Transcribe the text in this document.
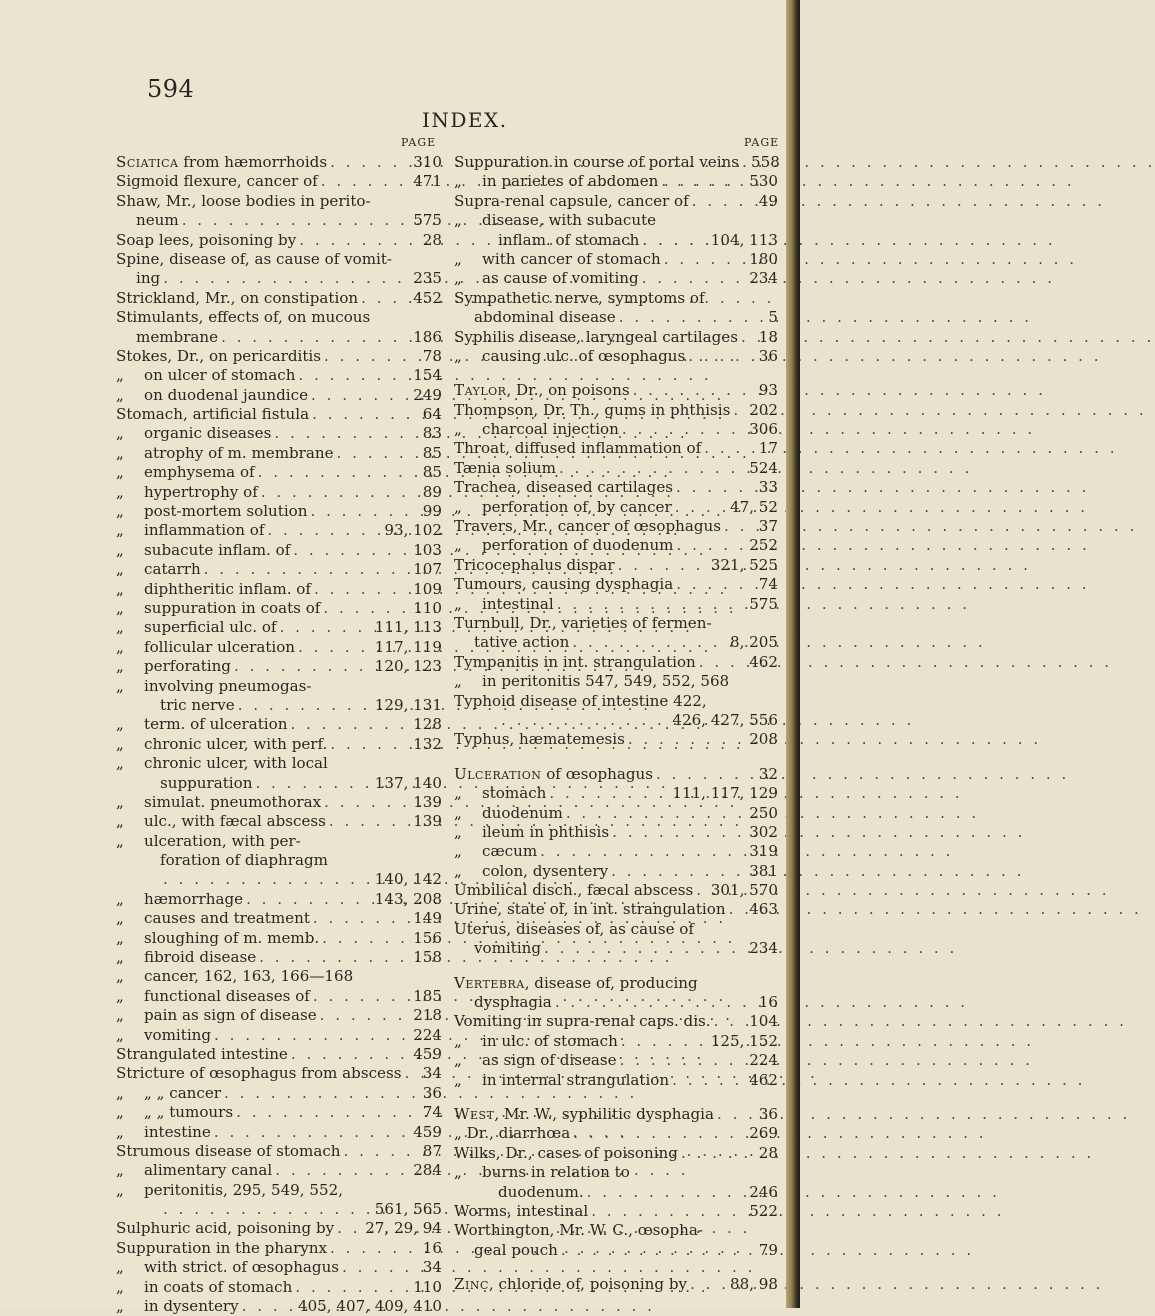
594
INDEX.
PAGE	PAGE
Sciatica from hæmorrhoids . . .	310
Sigmoid flexure, cancer of . . .	471
Shaw, Mr., loose bodies in perito-
neum . . .	575
Soap lees, poisoning by . . .	28
Spine, disease of, as cause of vomit-
ing . . .	235
Strickland, Mr., on constipation . . .	452
Stimulants, effects of, on mucous
membrane . . .	186
Stokes, Dr., on pericarditis . . .	78
„	on ulcer of stomach . . .	154
„	on duodenal jaundice . . .	249
Stomach, artificial fistula . . .	64
„	organic diseases . . .	83
„	atrophy of m. membrane . . .	85
„	emphysema of . . .	85
„	hypertrophy of . . .	89
„	post-mortem solution . . .	99
„	inflammation of . . .	93, 102
„	subacute inflam. of . . .	103
„	catarrh . . .	107
„	diphtheritic inflam. of . . .	109
„	suppuration in coats of . . .	110
„	superficial ulc. of . . .	111, 113
„	follicular ulceration . . .	117, 119
„	perforating . . .	120, 123
„	involving pneumogas-
tric nerve . . .	129, 131
„	term. of ulceration . . .	128
„	chronic ulcer, with perf. . . .	132
„	chronic ulcer, with local
suppuration . . .	137, 140
„	simulat. pneumothorax . . .	139
„	ulc., with fæcal abscess . . .	139
„	ulceration, with per-
foration of diaphragm
. . .
140, 142
„	hæmorrhage . . .	143, 208
„	causes and treatment . . .	149
„	sloughing of m. memb. . . .	156
„	fibroid disease . . .	158
„	cancer, 162, 163, 166—168
„	functional diseases of . . .	185
„	pain as sign of disease . . .	218
„	vomiting . . .	224
Strangulated intestine . . .	459
Stricture of œsophagus from abscess . . . 34
„	„ „ cancer . . .	36
„	„ „ tumours . . .	74
„	intestine . . .	459
Strumous disease of stomach . . .	87
„	alimentary canal . . .	284
„	peritonitis, 295, 549, 552,
. . .
561, 565
Sulphuric acid, poisoning by . . . 27, 29, 94
Suppuration in the pharynx . . .	16
„	with strict. of œsophagus . . .	34
„	in coats of stomach . . .	110
„	in dysentery . . .	405, 407, 409, 410
Suppuration in course of portal veins . . . 558
„	in parietes of abdomen . . .	530
Supra-renal capsule, cancer of . . .	49
„	disease, with subacute
inflam. of stomach . . .	104, 113
„	with cancer of stomach . . .	180
„	as cause of vomiting . . .	234
Sympathetic nerve, symptoms of
abdominal disease . . .	5
Syphilis disease, laryngeal cartilages . . . 18
„	causing ulc. of œsophagus . . .	36
Taylor, Dr., on poisons . . .	93
Thompson, Dr. Th., gums in phthisis . . . 202
„	charcoal injection . . .	306
Throat, diffused inflammation of . . .	17
Tænia solium . . .	524
Trachea, diseased cartilages . . .	33
„	perforation of, by cancer . . .	47, 52
Travers, Mr., cancer of œsophagus . . .	37
„	perforation of duodenum . . .	252
Tricocephalus dispar . . .	321, 525
Tumours, causing dysphagia . . .	74
„	intestinal . . .	575
Turnbull, Dr., varieties of fermen-
tative action . . .	8, 205
Tympanitis in int. strangulation . . .	462
„	in peritonitis 547, 549, 552, 568
Typhoid disease of intestine 422,
. . .
426, 427, 556
Typhus, hæmatemesis . . .	208
Ulceration of œsophagus . . .	32
„	stomach . . .	111, 117, 129
„	duodenum . . .	250
„	ileum in phthisis . . .	302
„	cæcum . . .	319
„	colon, dysentery . . .	381
Umbilical disch., fæcal abscess . . . 301, 570
Urine, state of, in int. strangulation . . . 463
Uterus, diseases of, as cause of
vomiting . . .	234
Vertebra, disease of, producing
dysphagia . . .	16
Vomiting in supra-renal caps. dis. . . .	104
„	in ulc. of stomach . . .	125, 152
„	as sign of disease . . .	224
„	in internal strangulation . . .	462
West, Mr. W., syphilitic dysphagia . . .	36
„ Dr., diarrhœa . . .	269
Wilks, Dr., cases of poisoning . . .	28
„	burns in relation to
duodenum. . . .	246
Worms, intestinal . . .	522
Worthington, Mr. W. C., œsopha-
geal pouch . . .	79
Zinc, chloride of, poisoning by . . .	88, 98
